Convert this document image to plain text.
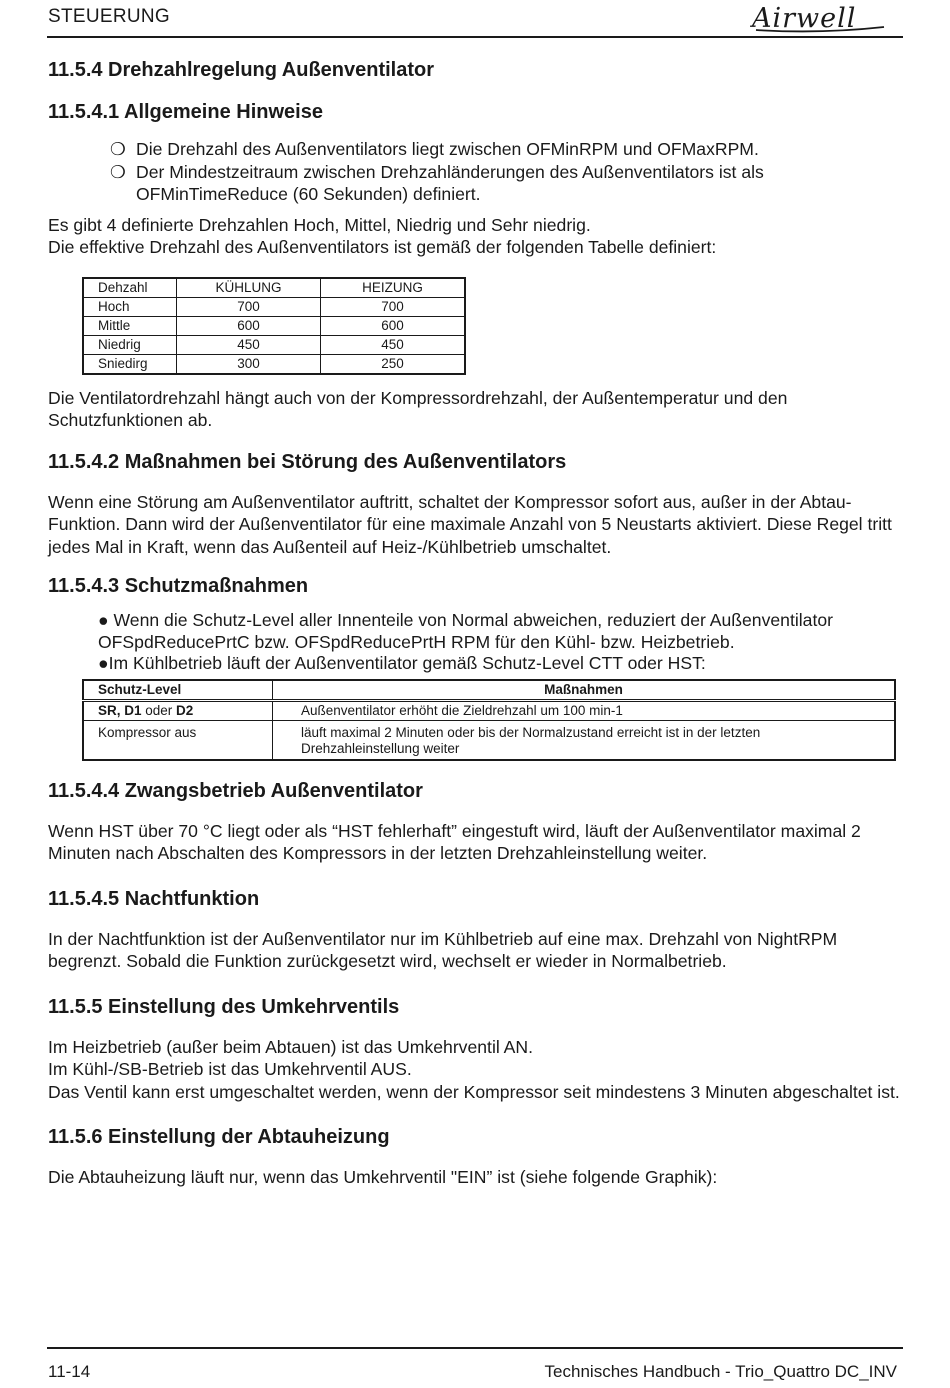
STEUERUNG	Airwell
11.5.4 Drehzahlregelung Außenventilator
11.5.4.1 Allgemeine Hinweise
❍ Die Drehzahl des Außenventilators liegt zwischen OFMinRPM und OFMaxRPM.
❍ Der Mindestzeitraum zwischen Drehzahländerungen des Außenventilators ist als OFMinTimeReduce (60 Sekunden) definiert.

Es gibt 4 definierte Drehzahlen Hoch, Mittel, Niedrig und Sehr niedrig.

Die effektive Drehzahl des Außenventilators ist gemäß der folgenden Tabelle definiert:

Dehzahl	KÜHLUNG	HEIZUNG
Hoch	700	700
Mittle	600	600
Niedrig	450	450
Sniedirg	300	250

Die Ventilatordrehzahl hängt auch von der Kompressordrehzahl, der Außentemperatur und den Schutzfunktionen ab.

11.5.4.2 Maßnahmen bei Störung des Außenventilators

Wenn eine Störung am Außenventilator auftritt, schaltet der Kompressor sofort aus, außer in der Abtau-Funktion. Dann wird der Außenventilator für eine maximale Anzahl von 5 Neustarts aktiviert. Diese Regel tritt jedes Mal in Kraft, wenn das Außenteil auf Heiz-/Kühlbetrieb umschaltet.

11.5.4.3 Schutzmaßnahmen
● Wenn die Schutz-Level aller Innenteile von Normal abweichen, reduziert der Außenventilator OFSpdReducePrtC bzw. OFSpdReducePrtH RPM für den Kühl- bzw. Heizbetrieb.
●Im Kühlbetrieb läuft der Außenventilator gemäß Schutz-Level CTT oder HST:
Schutz-Level	Maßnahmen
SR, D1 oder D2	Außenventilator erhöht die Zieldrehzahl um 100 min-1
Kompressor aus	läuft maximal 2 Minuten oder bis der Normalzustand erreicht ist in der letzten Drehzahleinstellung weiter
11.5.4.4 Zwangsbetrieb Außenventilator

Wenn HST über 70 °C liegt oder als “HST fehlerhaft” eingestuft wird, läuft der Außenventilator maximal 2 Minuten nach Abschalten des Kompressors in der letzten Drehzahleinstellung weiter.

11.5.4.5 Nachtfunktion

In der Nachtfunktion ist der Außenventilator nur im Kühlbetrieb auf eine max. Drehzahl von NightRPM begrenzt. Sobald die Funktion zurückgesetzt wird, wechselt er wieder in Normalbetrieb.

11.5.5 Einstellung des Umkehrventils

Im Heizbetrieb (außer beim Abtauen) ist das Umkehrventil AN.

Im Kühl-/SB-Betrieb ist das Umkehrventil AUS.

Das Ventil kann erst umgeschaltet werden, wenn der Kompressor seit mindestens 3 Minuten abgeschaltet ist.

11.5.6 Einstellung der Abtauheizung

Die Abtauheizung läuft nur, wenn das Umkehrventil "EIN” ist (siehe folgende Graphik):

11-14	Technisches Handbuch - Trio_Quattro DC_INV
